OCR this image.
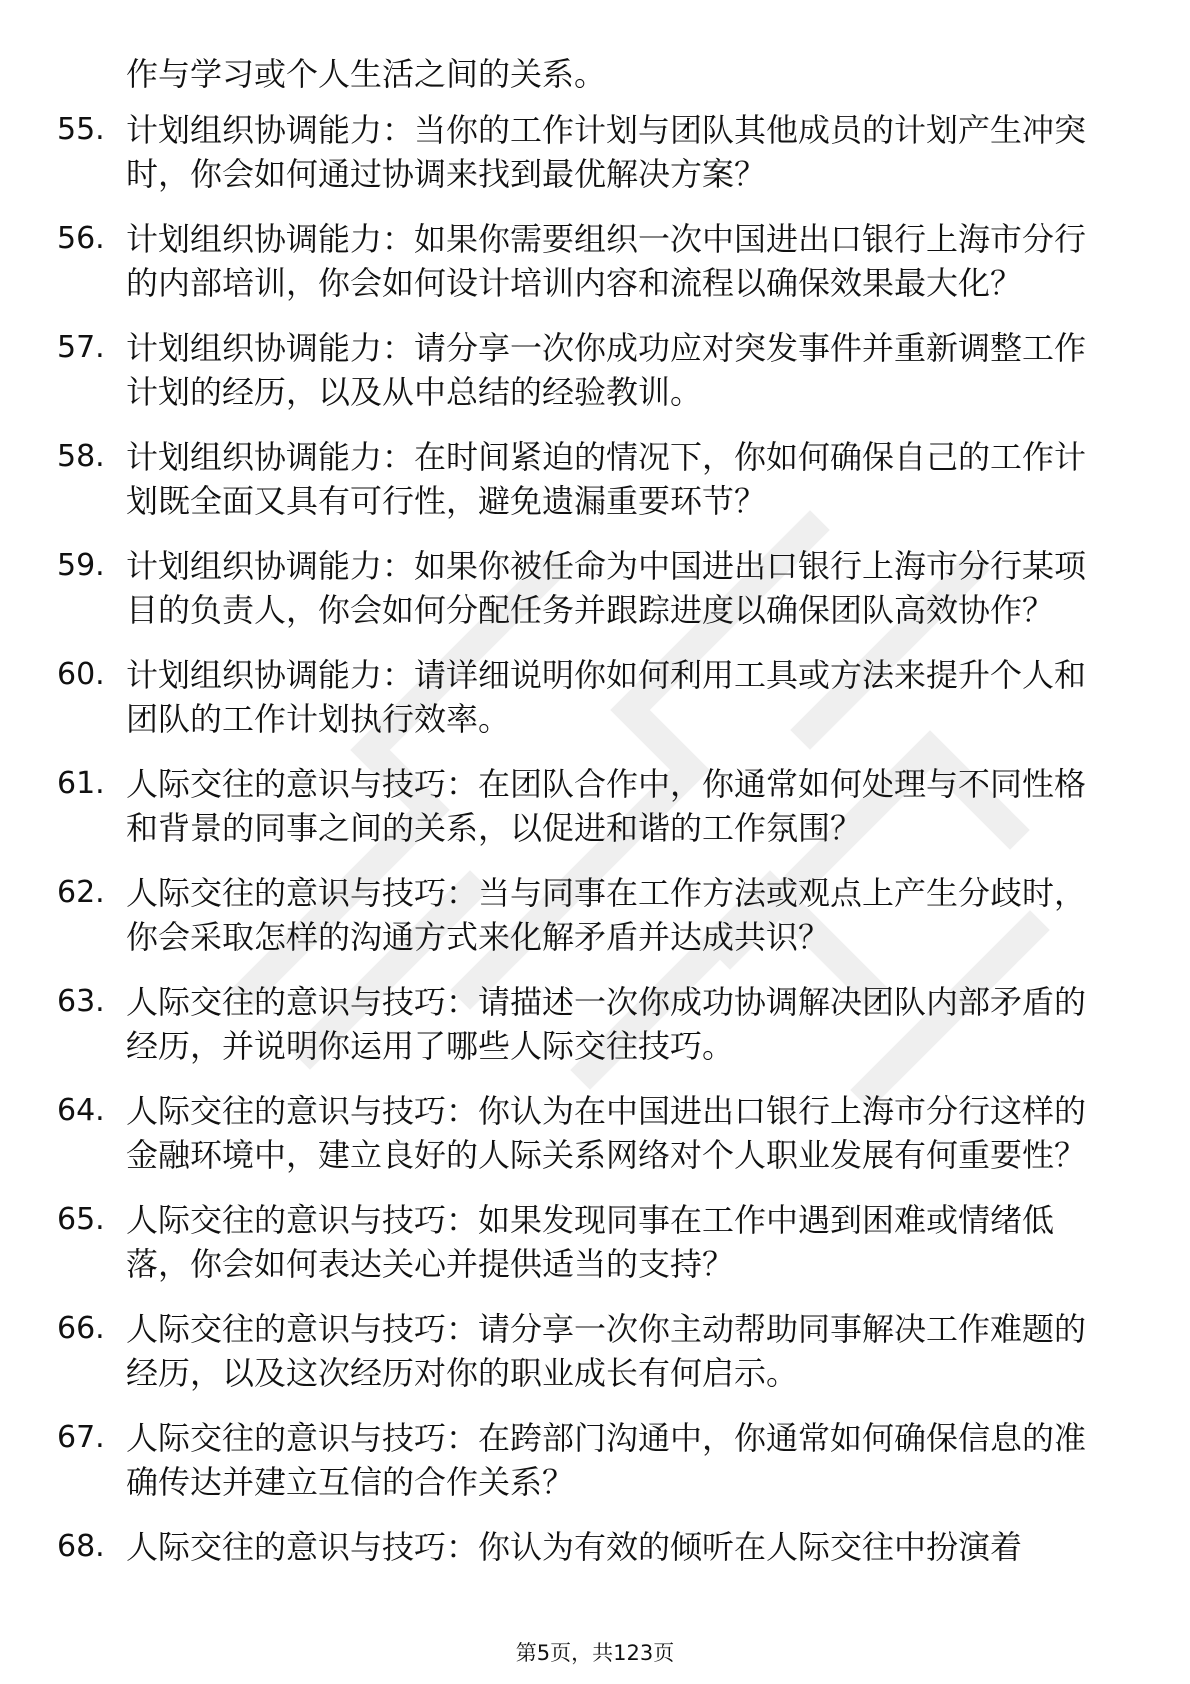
作与学习或个人生活之间的关系。

55. 计划组织协调能力：当你的工作计划与团队其他成员的计划产生冲突时，你会如何通过协调来找到最优解决方案？
56. 计划组织协调能力：如果你需要组织一次中国进出口银行上海市分行的内部培训，你会如何设计培训内容和流程以确保效果最大化？
57. 计划组织协调能力：请分享一次你成功应对突发事件并重新调整工作计划的经历，以及从中总结的经验教训。
58. 计划组织协调能力：在时间紧迫的情况下，你如何确保自己的工作计划既全面又具有可行性，避免遗漏重要环节？
59. 计划组织协调能力：如果你被任命为中国进出口银行上海市分行某项目的负责人，你会如何分配任务并跟踪进度以确保团队高效协作？
60. 计划组织协调能力：请详细说明你如何利用工具或方法来提升个人和团队的工作计划执行效率。
61. 人际交往的意识与技巧：在团队合作中，你通常如何处理与不同性格和背景的同事之间的关系，以促进和谐的工作氛围？
62. 人际交往的意识与技巧：当与同事在工作方法或观点上产生分歧时，你会采取怎样的沟通方式来化解矛盾并达成共识？
63. 人际交往的意识与技巧：请描述一次你成功协调解决团队内部矛盾的经历，并说明你运用了哪些人际交往技巧。
64. 人际交往的意识与技巧：你认为在中国进出口银行上海市分行这样的金融环境中，建立良好的人际关系网络对个人职业发展有何重要性？
65. 人际交往的意识与技巧：如果发现同事在工作中遇到困难或情绪低落，你会如何表达关心并提供适当的支持？
66. 人际交往的意识与技巧：请分享一次你主动帮助同事解决工作难题的经历，以及这次经历对你的职业成长有何启示。
67. 人际交往的意识与技巧：在跨部门沟通中，你通常如何确保信息的准确传达并建立互信的合作关系？
68. 人际交往的意识与技巧：你认为有效的倾听在人际交往中扮演着
第5页，共123页
